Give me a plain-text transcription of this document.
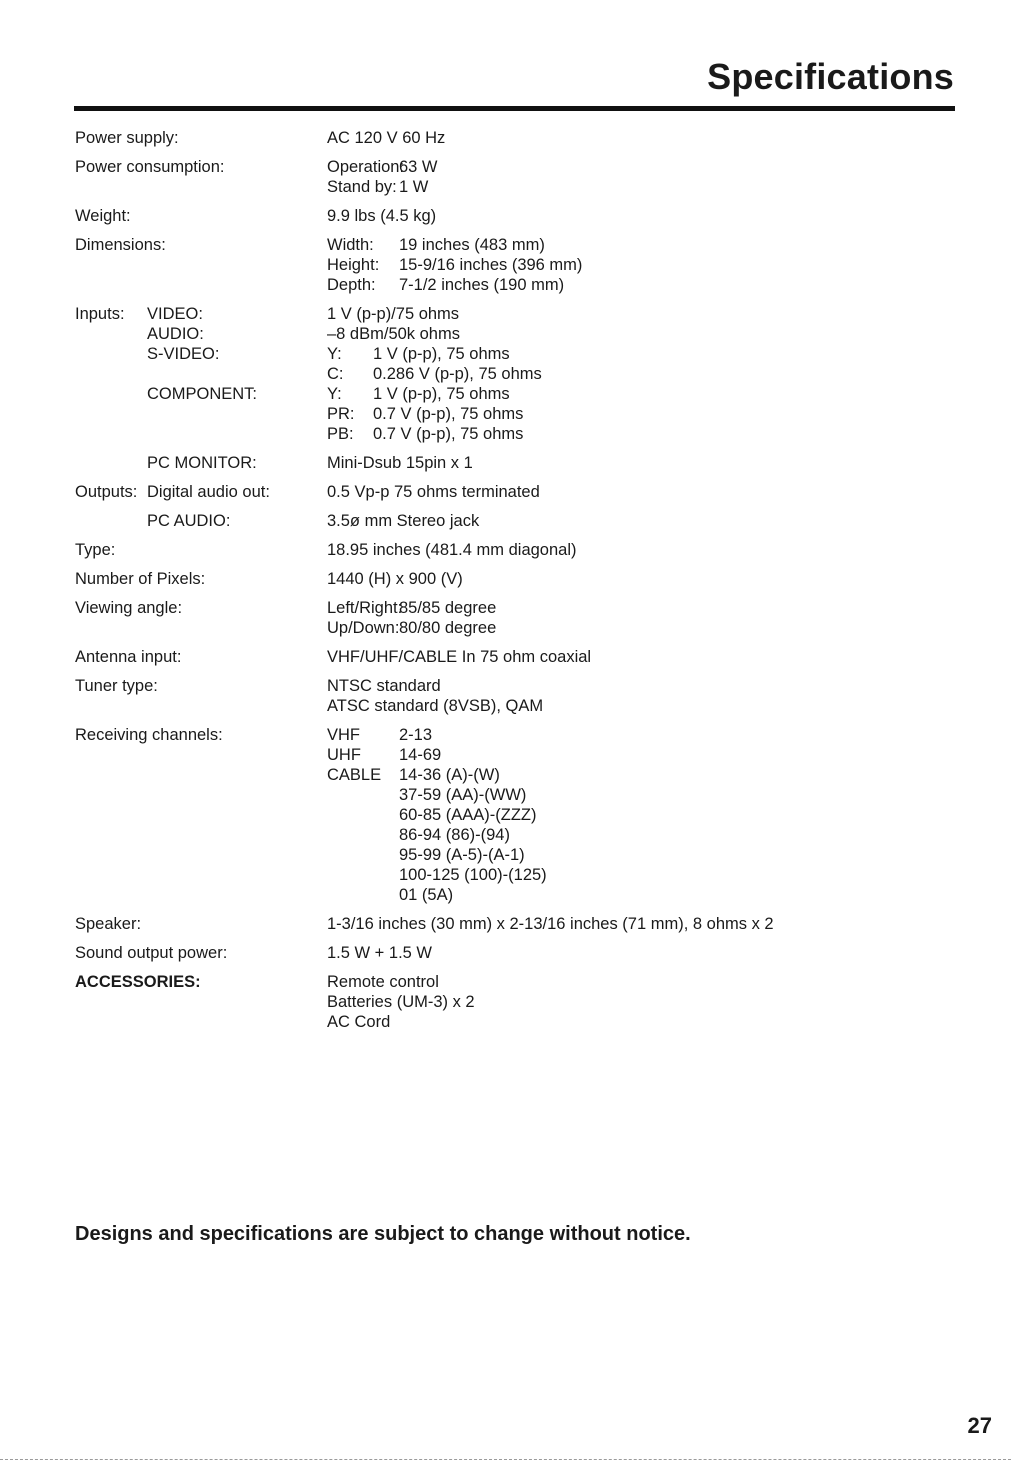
Specifications
Power supply:	AC 120 V 60 Hz
Power consumption:	Operation:63 W
Stand by: 1 W
Weight:	9.9 lbs (4.5 kg)
Dimensions:	Width: 19 inches (483 mm)
Height: 15-9/16 inches (396 mm)
Depth: 7-1/2 inches (190 mm)
Inputs: VIDEO:	1 V (p-p)/75 ohms
AUDIO:	–8 dBm/50k ohms
S-VIDEO:	Y: 1 V (p-p), 75 ohms
C: 0.286 V (p-p), 75 ohms
COMPONENT:	Y: 1 V (p-p), 75 ohms
PR: 0.7 V (p-p), 75 ohms
PB: 0.7 V (p-p), 75 ohms
PC MONITOR:	Mini-Dsub 15pin x 1
Outputs: Digital audio out:	0.5 Vp-p 75 ohms terminated
PC AUDIO:	3.5ø mm Stereo jack
Type:	18.95 inches (481.4 mm diagonal)
Number of Pixels:	1440 (H) x 900 (V)
Viewing angle:	Left/Right:85/85 degree
Up/Down:80/80 degree
Antenna input:	VHF/UHF/CABLE In 75 ohm coaxial
Tuner type:	NTSC standard
ATSC standard (8VSB), QAM
Receiving channels:	VHF 2-13
UHF 14-69
CABLE 14-36 (A)-(W)
37-59 (AA)-(WW)
60-85 (AAA)-(ZZZ)
86-94 (86)-(94)
95-99 (A-5)-(A-1)
100-125 (100)-(125)
01 (5A)
Speaker:	1-3/16 inches (30 mm) x 2-13/16 inches (71 mm), 8 ohms x 2
Sound output power:	1.5 W + 1.5 W
ACCESSORIES:	Remote control
Batteries (UM-3) x 2
AC Cord
Designs and specifications are subject to change without notice.
27
